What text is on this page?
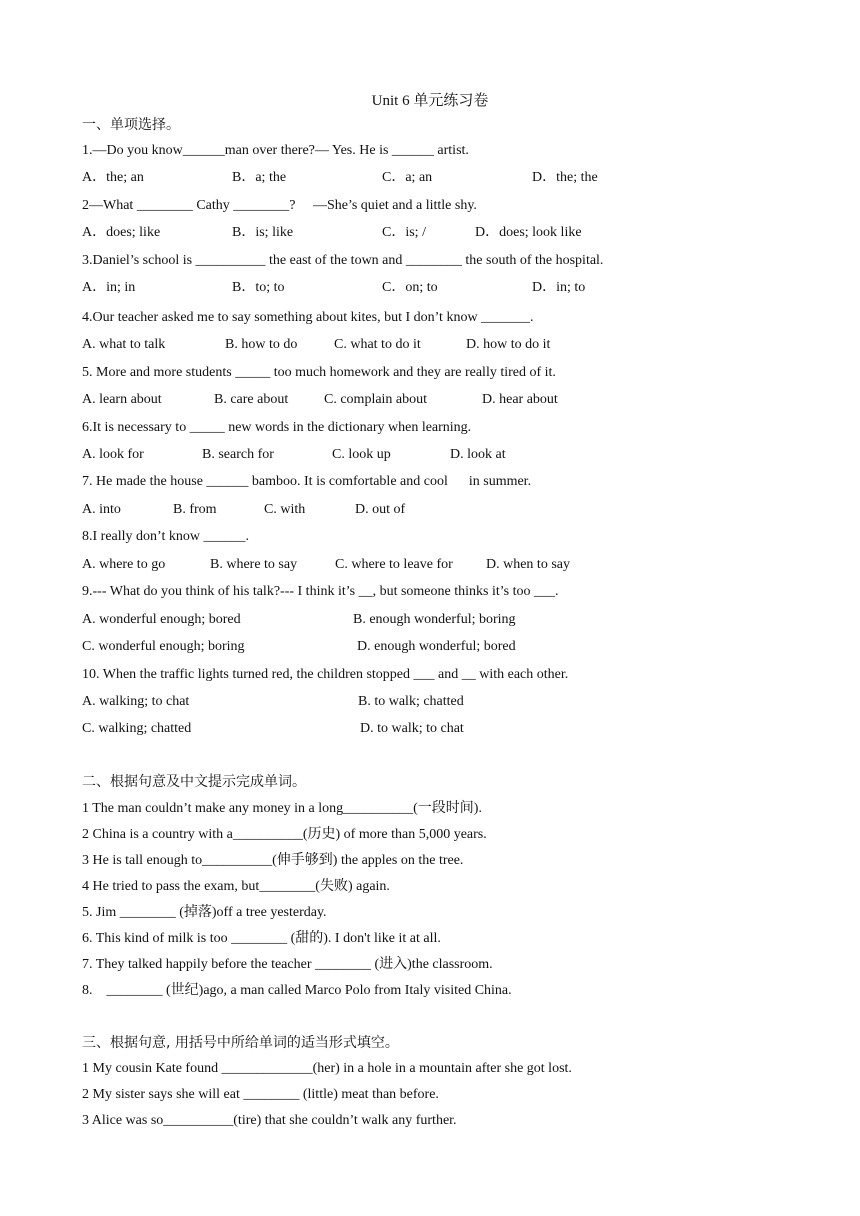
Unit 6 单元练习卷
一、单项选择。
1.—Do you know______man over there?— Yes. He is ______ artist.
A．the; an	B．a; the	C．a; an	D．the; the
2—What ________ Cathy ________?     —She’s quiet and a little shy.
A．does; like	B．is; like	C．is; /	D．does; look like
3.Daniel’s school is __________ the east of the town and ________ the south of the hospital.
A．in; in	B．to; to	C．on; to	D．in; to
4.Our teacher asked me to say something about kites, but I don’t know _______.
A. what to talk	B. how to do	C. what to do it	D. how to do it
5. More and more students _____ too much homework and they are really tired of it.
A. learn about	B. care about	C. complain about	D. hear about
6.It is necessary to _____ new words in the dictionary when learning.
A. look for	B. search for	C. look up	D. look at
7. He made the house ______ bamboo. It is comfortable and cool      in summer.
A. into	B. from	C. with	D. out of
8.I really don’t know ______.
A. where to go	B. where to say	C. where to leave for D. when to say
9.--- What do you think of his talk?--- I think it’s __, but someone thinks it’s too ___.
A. wonderful enough; bored	B. enough wonderful; boring
C. wonderful enough; boring	D. enough wonderful; bored
10. When the traffic lights turned red, the children stopped ___ and __ with each other.
A. walking; to chat	B. to walk; chatted
C. walking; chatted	D. to walk; to chat
二、根据句意及中文提示完成单词。
1 The man couldn’t make any money in a long__________(一段时间).
2 China is a country with a__________(历史) of more than 5,000 years.
3 He is tall enough to__________(伸手够到) the apples on the tree.
4 He tried to pass the exam, but________(失败) again.
5. Jim ________ (掉落)off a tree yesterday.
6. This kind of milk is too ________ (甜的). I don't like it at all.
7. They talked happily before the teacher ________ (进入)the classroom.
8.    ________ (世纪)ago, a man called Marco Polo from Italy visited China.
三、根据句意, 用括号中所给单词的适当形式填空。
1 My cousin Kate found _____________(her) in a hole in a mountain after she got lost.
2 My sister says she will eat ________ (little) meat than before.
3 Alice was so__________(tire) that she couldn’t walk any further.
